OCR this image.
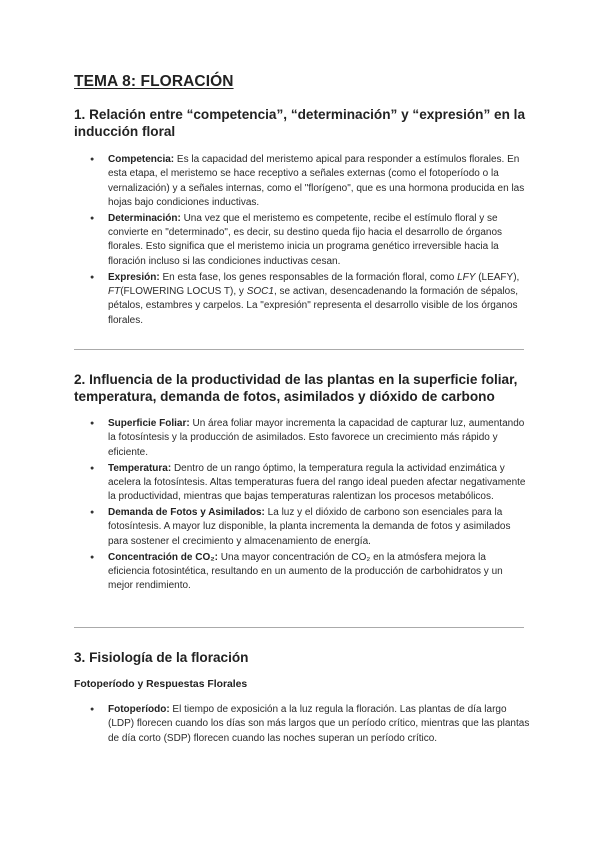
TEMA 8: FLORACIÓN
1. Relación entre “competencia”, “determinación” y “expresión” en la inducción floral
● Competencia: Es la capacidad del meristemo apical para responder a estímulos florales. En esta etapa, el meristemo se hace receptivo a señales externas (como el fotoperíodo o la vernalización) y a señales internas, como el "florígeno", que es una hormona producida en las hojas bajo condiciones inductivas.
● Determinación: Una vez que el meristemo es competente, recibe el estímulo floral y se convierte en "determinado", es decir, su destino queda fijo hacia el desarrollo de órganos florales. Esto significa que el meristemo inicia un programa genético irreversible hacia la floración incluso si las condiciones inductivas cesan.
● Expresión: En esta fase, los genes responsables de la formación floral, como LFY (LEAFY), FT(FLOWERING LOCUS T), y SOC1, se activan, desencadenando la formación de sépalos, pétalos, estambres y carpelos. La "expresión" representa el desarrollo visible de los órganos florales.
2. Influencia de la productividad de las plantas en la superficie foliar, temperatura, demanda de fotos, asimilados y dióxido de carbono
● Superficie Foliar: Un área foliar mayor incrementa la capacidad de capturar luz, aumentando la fotosíntesis y la producción de asimilados. Esto favorece un crecimiento más rápido y eficiente.
● Temperatura: Dentro de un rango óptimo, la temperatura regula la actividad enzimática y acelera la fotosíntesis. Altas temperaturas fuera del rango ideal pueden afectar negativamente la productividad, mientras que bajas temperaturas ralentizan los procesos metabólicos.
● Demanda de Fotos y Asimilados: La luz y el dióxido de carbono son esenciales para la fotosíntesis. A mayor luz disponible, la planta incrementa la demanda de fotos y asimilados para sostener el crecimiento y almacenamiento de energía.
● Concentración de CO₂: Una mayor concentración de CO₂ en la atmósfera mejora la eficiencia fotosintética, resultando en un aumento de la producción de carbohidratos y un mejor rendimiento.
3. Fisiología de la floración
Fotoperíodo y Respuestas Florales
● Fotoperíodo: El tiempo de exposición a la luz regula la floración. Las plantas de día largo (LDP) florecen cuando los días son más largos que un período crítico, mientras que las plantas de día corto (SDP) florecen cuando las noches superan un período crítico.
